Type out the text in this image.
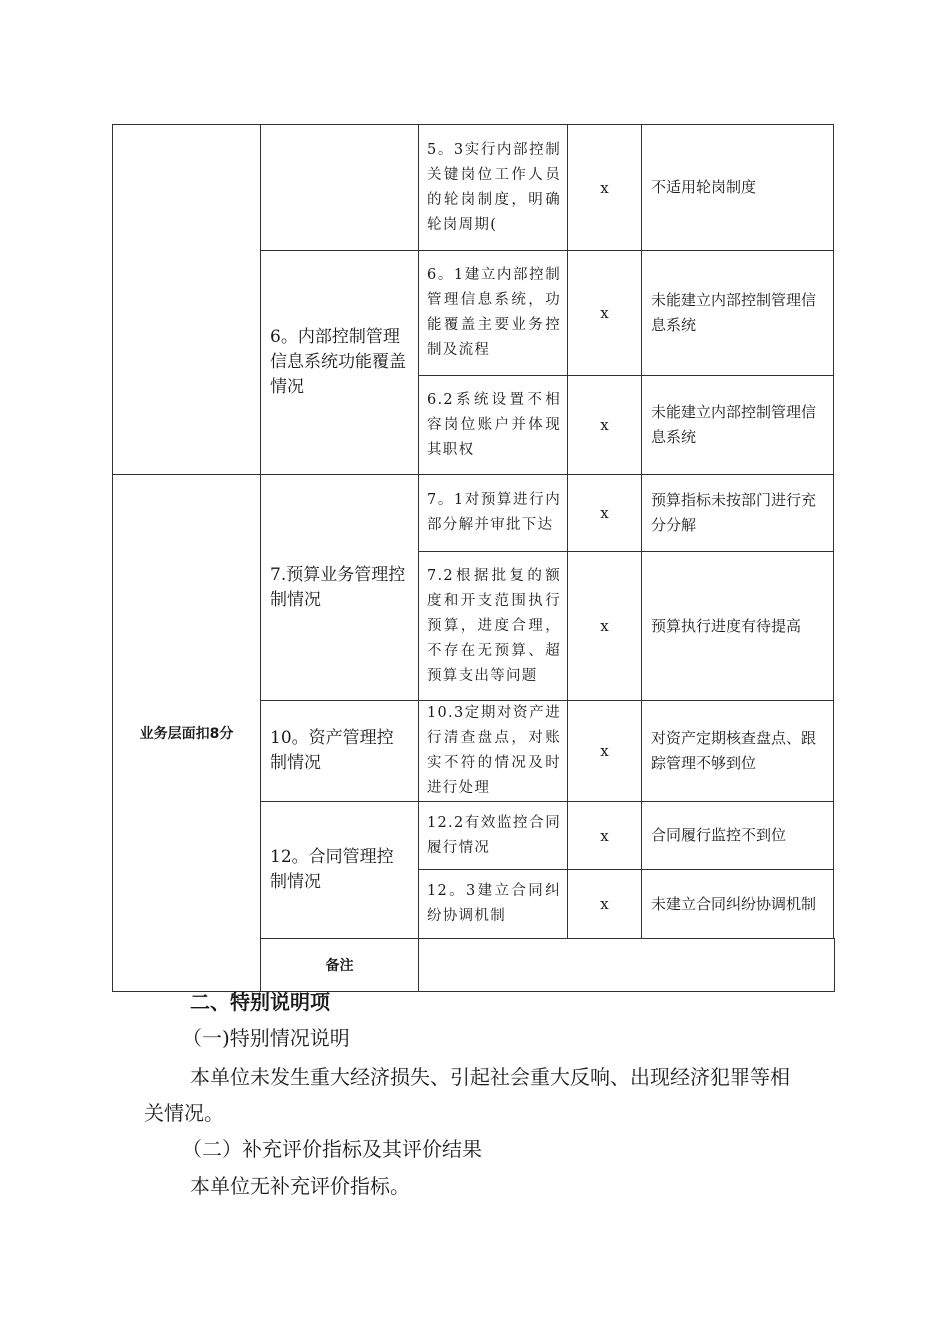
		5。3实行内部控制关键岗位工作人员的轮岗制度，明确轮岗周期(	x	不适用轮岗制度
	6。内部控制管理信息系统功能覆盖情况	6。1建立内部控制管理信息系统，功能覆盖主要业务控制及流程	x	未能建立内部控制管理信息系统
		6.2系统设置不相容岗位账户并体现其职权	x	未能建立内部控制管理信息系统
业务层面扣8分	7.预算业务管理控制情况	7。1对预算进行内部分解并审批下达	x	预算指标未按部门进行充分分解
		7.2根据批复的额度和开支范围执行预算，进度合理，不存在无预算、超预算支出等问题	x	预算执行进度有待提高
	10。资产管理控制情况	10.3定期对资产进行清查盘点，对账实不符的情况及时进行处理	x	对资产定期核查盘点、跟踪管理不够到位
	12。合同管理控制情况	12.2有效监控合同履行情况	x	合同履行监控不到位
		12。3建立合同纠纷协调机制	x	未建立合同纠纷协调机制
	备注			
二、特别说明项
（一)特别情况说明
本单位未发生重大经济损失、引起社会重大反响、出现经济犯罪等相
关情况。
（二）补充评价指标及其评价结果
本单位无补充评价指标。
